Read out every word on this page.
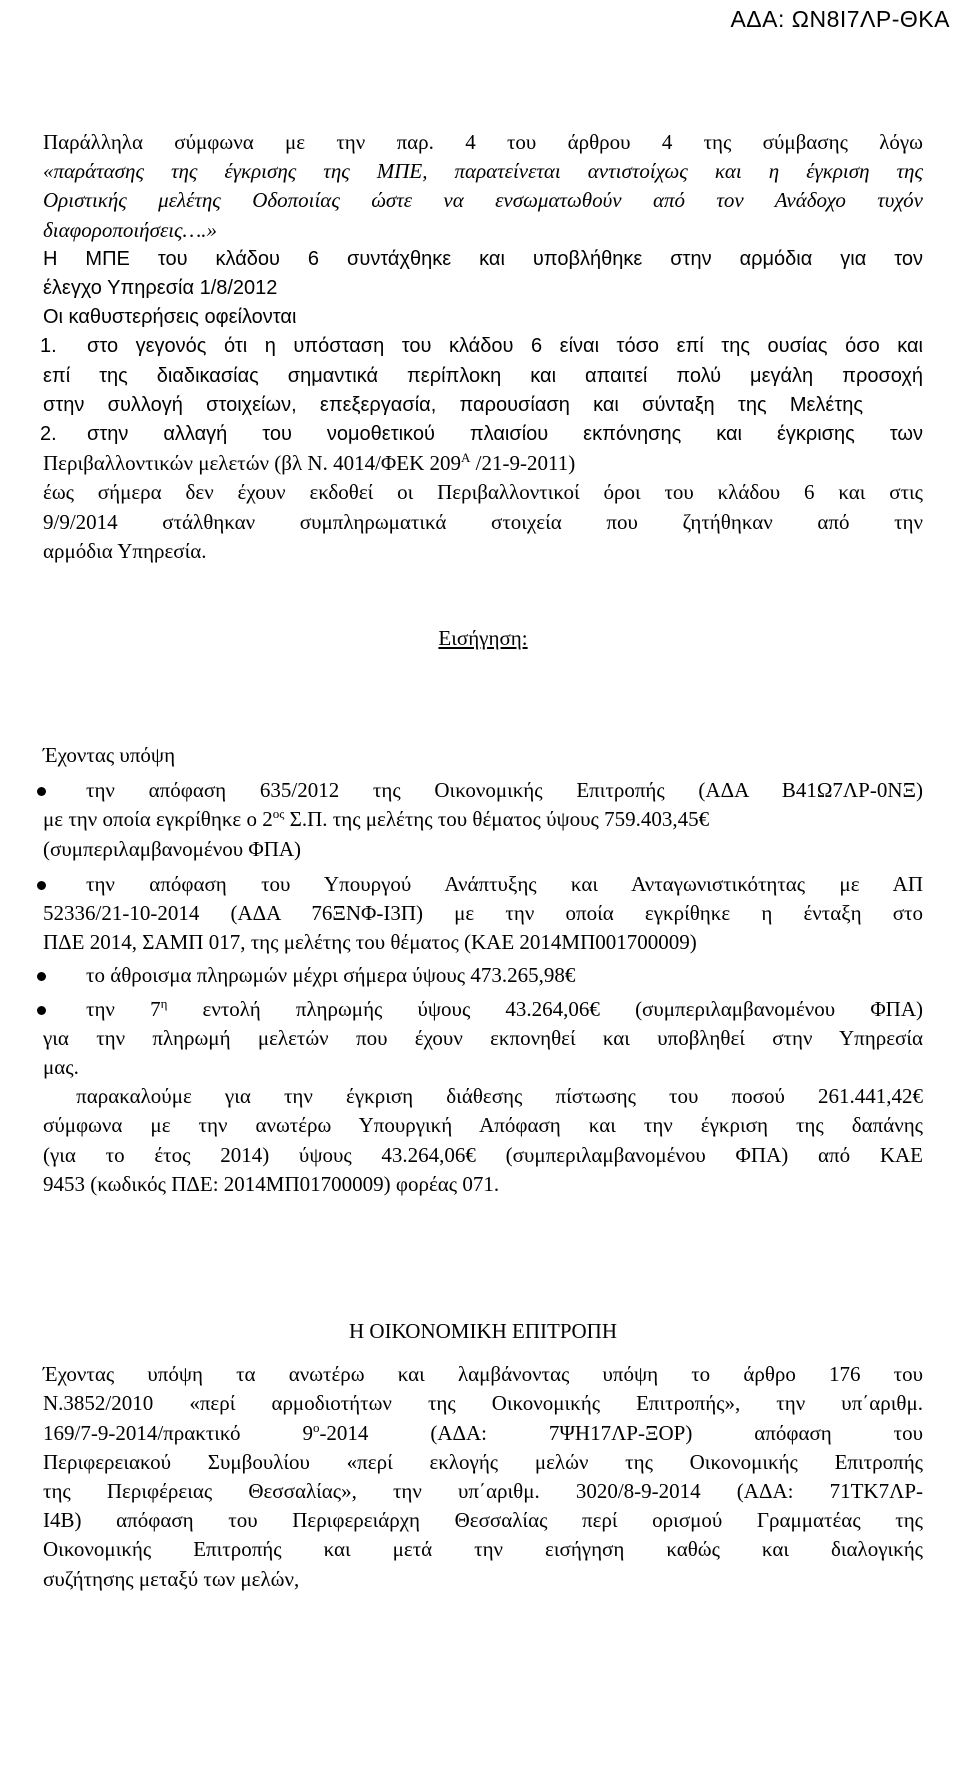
ΑΔΑ: ΩΝ8Ι7ΛΡ-ΘΚΑ
Παράλληλα σύμφωνα με την παρ. 4 του άρθρου 4 της σύμβασης λόγω
«παράτασης της έγκρισης της ΜΠΕ, παρατείνεται αντιστοίχως και η έγκριση της
Οριστικής μελέτης Οδοποιίας ώστε να ενσωματωθούν από τον Ανάδοχο τυχόν
διαφοροποιήσεις….»
Η ΜΠΕ του κλάδου 6 συντάχθηκε και υποβλήθηκε στην αρμόδια για τον
έλεγχο Υπηρεσία 1/8/2012
Οι καθυστερήσεις οφείλονται
1. στο γεγονός ότι η υπόσταση του κλάδου 6 είναι τόσο επί της ουσίας όσο και
επί της διαδικασίας σημαντικά περίπλοκη και απαιτεί πολύ μεγάλη προσοχή
στην συλλογή στοιχείων, επεξεργασία, παρουσίαση και σύνταξη της Μελέτης
2. στην αλλαγή του νομοθετικού πλαισίου εκπόνησης και έγκρισης των
Περιβαλλοντικών μελετών (βλ Ν. 4014/ΦΕΚ $209^A$ /21-9-2011)
έως σήμερα δεν έχουν εκδοθεί οι Περιβαλλοντικοί όροι του κλάδου 6 και στις
9/9/2014 στάλθηκαν συμπληρωματικά στοιχεία που ζητήθηκαν από την
αρμόδια Υπηρεσία.
Εισήγηση:
Έχοντας υπόψη
την απόφαση 635/2012 της Οικονομικής Επιτροπής (ΑΔΑ Β41Ω7ΛΡ-0ΝΞ)
με την οποία εγκρίθηκε ο $2^{o\varsigma}$ Σ.Π. της μελέτης του θέματος ύψους 759.403,45€
(συμπεριλαμβανομένου ΦΠΑ)
την απόφαση του Υπουργού Ανάπτυξης και Ανταγωνιστικότητας με ΑΠ
52336/21-10-2014 (ΑΔΑ 76ΞΝΦ-Ι3Π) με την οποία εγκρίθηκε η ένταξη στο
ΠΔΕ 2014, ΣΑΜΠ 017, της μελέτης του θέματος (ΚΑΕ 2014ΜΠ001700009)
το άθροισμα πληρωμών μέχρι σήμερα ύψους 473.265,98€
την $7^\eta$ εντολή πληρωμής ύψους 43.264,06€ (συμπεριλαμβανομένου ΦΠΑ)
για την πληρωμή μελετών που έχουν εκπονηθεί και υποβληθεί στην Υπηρεσία
μας.
παρακαλούμε για την έγκριση διάθεσης πίστωσης του ποσού 261.441,42€
σύμφωνα με την ανωτέρω Υπουργική Απόφαση και την έγκριση της δαπάνης
(για το έτος 2014) ύψους 43.264,06€ (συμπεριλαμβανομένου ΦΠΑ) από ΚΑΕ
9453 (κωδικός ΠΔΕ: 2014ΜΠ01700009) φορέας 071.
Η ΟΙΚΟΝΟΜΙΚΗ ΕΠΙΤΡΟΠΗ
Έχοντας υπόψη τα ανωτέρω και λαμβάνοντας υπόψη το άρθρο 176 του
Ν.3852/2010 «περί αρμοδιοτήτων της Οικονομικής Επιτροπής», την υπ΄αριθμ.
169/7-9-2014/πρακτικό $9^o-2014$ (ΑΔΑ: 7ΨΗ17ΛΡ-ΞΟΡ) απόφαση του
Περιφερειακού Συμβουλίου «περί εκλογής μελών της Οικονομικής Επιτροπής
της Περιφέρειας Θεσσαλίας», την υπ΄αριθμ. 3020/8-9-2014 (ΑΔΑ: 71ΤΚ7ΛΡ-
Ι4Β) απόφαση του Περιφερειάρχη Θεσσαλίας περί ορισμού Γραμματέας της
Οικονομικής Επιτροπής και μετά την εισήγηση καθώς και διαλογικής
συζήτησης μεταξύ των μελών,
